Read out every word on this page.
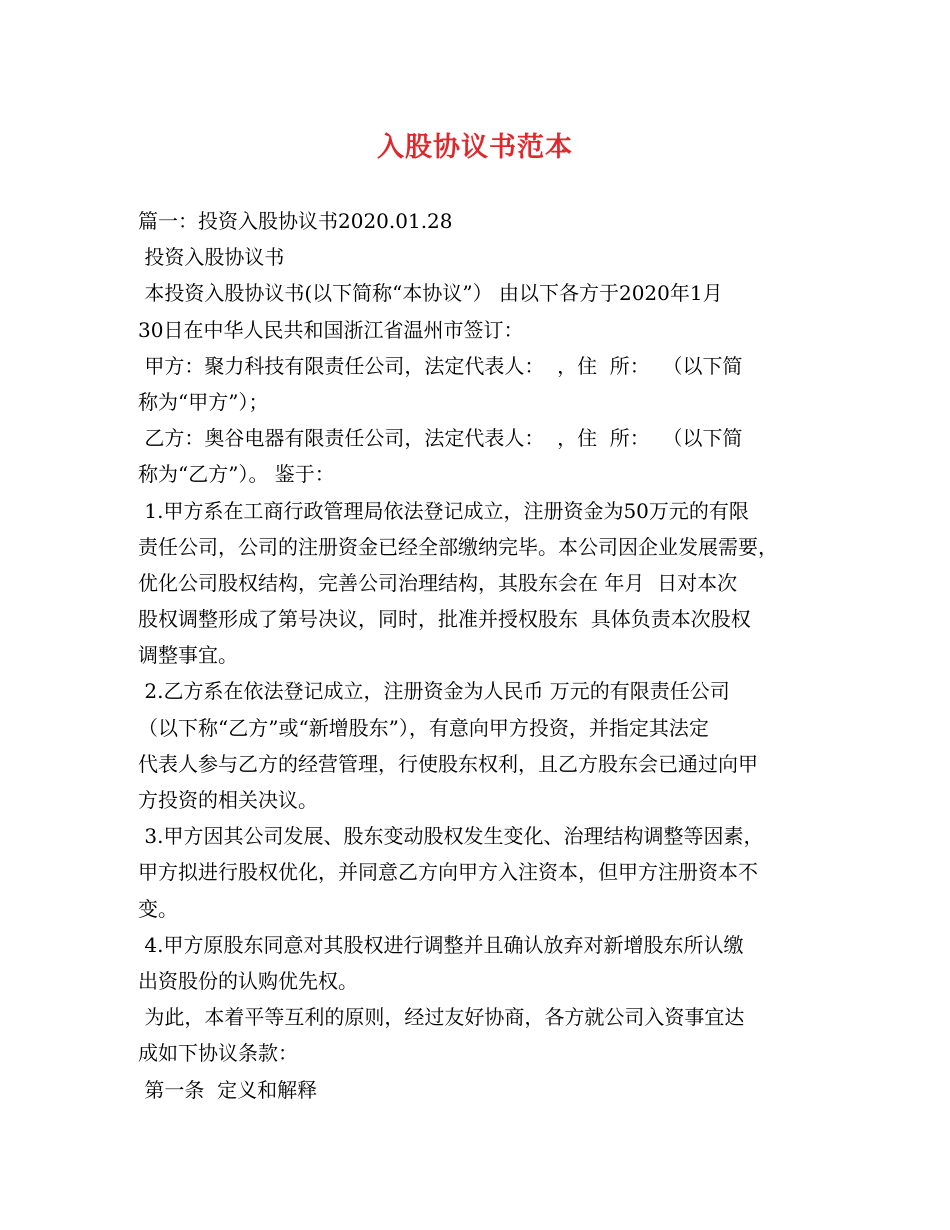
入股协议书范本
篇一：投资入股协议书2020.01.28
投资入股协议书
本投资入股协议书(以下简称“本协议”） 由以下各方于2020年1月
30日在中华人民共和国浙江省温州市签订：
甲方：聚力科技有限责任公司，法定代表人：  ，住  所：  （以下简
称为“甲方”）；
乙方：奥谷电器有限责任公司，法定代表人：  ，住  所：  （以下简
称为“乙方”）。 鉴于：
1.甲方系在工商行政管理局依法登记成立，注册资金为50万元的有限
责任公司，公司的注册资金已经全部缴纳完毕。本公司因企业发展需要，
优化公司股权结构，完善公司治理结构，其股东会在 年月  日对本次
股权调整形成了第号决议，同时，批准并授权股东  具体负责本次股权
调整事宜。
2.乙方系在依法登记成立，注册资金为人民币 万元的有限责任公司
（以下称“乙方”或“新增股东”），有意向甲方投资，并指定其法定
代表人参与乙方的经营管理，行使股东权利，且乙方股东会已通过向甲
方投资的相关决议。
3.甲方因其公司发展、股东变动股权发生变化、治理结构调整等因素，
甲方拟进行股权优化，并同意乙方向甲方入注资本，但甲方注册资本不
变。
4.甲方原股东同意对其股权进行调整并且确认放弃对新增股东所认缴
出资股份的认购优先权。
为此，本着平等互利的原则，经过友好协商，各方就公司入资事宜达
成如下协议条款：
第一条  定义和解释
